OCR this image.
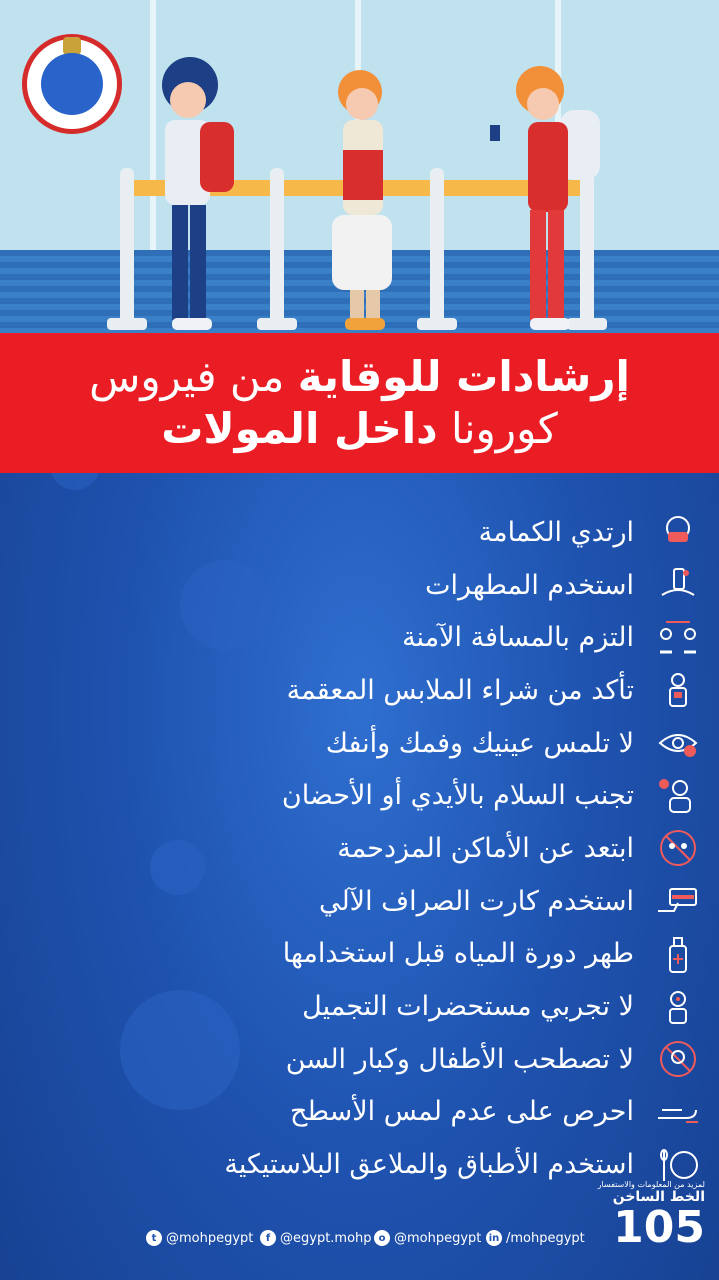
إرشادات للوقاية من فيروس
كورونا داخل المولات
ارتدي الكمامة
استخدم المطهرات
التزم بالمسافة الآمنة
تأكد من شراء الملابس المعقمة
لا تلمس عينيك وفمك وأنفك
تجنب السلام بالأيدي أو الأحضان
ابتعد عن الأماكن المزدحمة
استخدم كارت الصراف الآلي
طهر دورة المياه قبل استخدامها
لا تجربي مستحضرات التجميل
لا تصطحب الأطفال وكبار السن
احرص على عدم لمس الأسطح
استخدم الأطباق والملاعق البلاستيكية
t @mohpegypt	f @egypt.mohp o @mohpegypt in /mohpegypt
لمزيد من المعلومات والاستفسار
الخط الساخن
105
